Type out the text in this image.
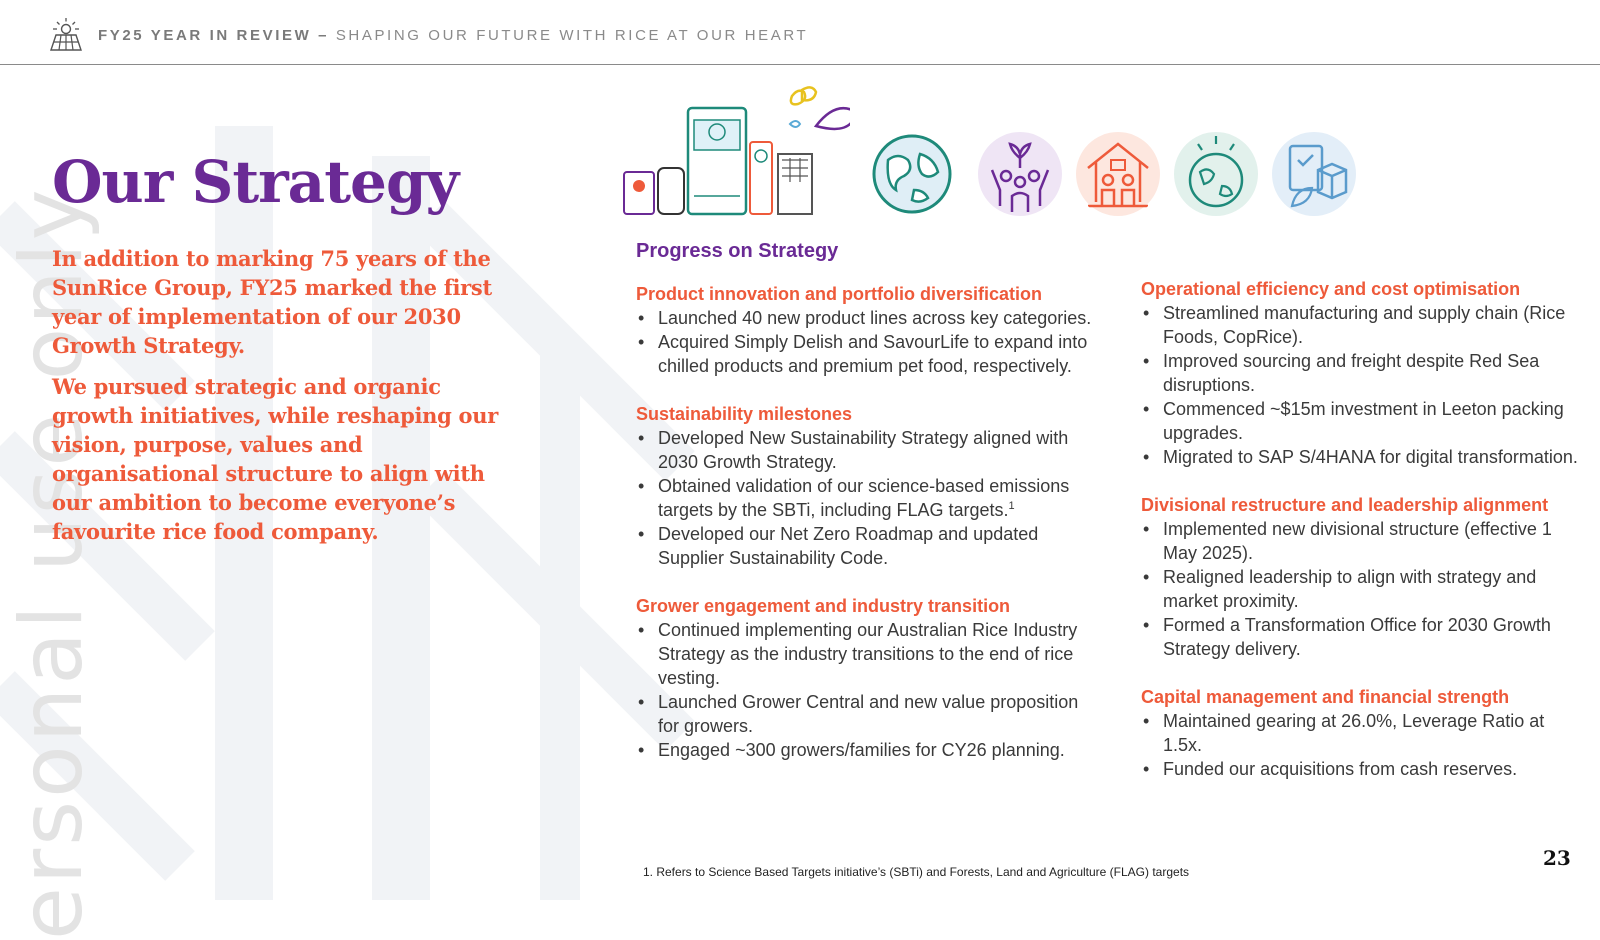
FY25 YEAR IN REVIEW – SHAPING OUR FUTURE WITH RICE AT OUR HEART
ersonal use only
Our Strategy

In addition to marking 75 years of the SunRice Group, FY25 marked the first year of implementation of our 2030 Growth Strategy.

We pursued strategic and organic growth initiatives, while reshaping our vision, purpose, values and organisational structure to align with our ambition to become everyone’s favourite rice food company.

Progress on Strategy
Product innovation and portfolio diversification
• Launched 40 new product lines across key categories.
• Acquired Simply Delish and SavourLife to expand into chilled products and premium pet food, respectively.
Sustainability milestones
• Developed New Sustainability Strategy aligned with 2030 Growth Strategy.
• Obtained validation of our science-based emissions targets by the SBTi, including FLAG targets.$^1$
• Developed our Net Zero Roadmap and updated Supplier Sustainability Code.
Grower engagement and industry transition
• Continued implementing our Australian Rice Industry Strategy as the industry transitions to the end of rice vesting.
• Launched Grower Central and new value proposition for growers.
• Engaged ~300 growers/families for CY26 planning.
Operational efficiency and cost optimisation
• Streamlined manufacturing and supply chain (Rice Foods, CopRice).
• Improved sourcing and freight despite Red Sea disruptions.
• Commenced ~$15m investment in Leeton packing upgrades.
• Migrated to SAP S/4HANA for digital transformation.
Divisional restructure and leadership alignment
• Implemented new divisional structure (effective 1 May 2025).
• Realigned leadership to align with strategy and market proximity.
• Formed a Transformation Office for 2030 Growth Strategy delivery.
Capital management and financial strength
• Maintained gearing at 26.0%, Leverage Ratio at 1.5x.
• Funded our acquisitions from cash reserves.
1. Refers to Science Based Targets initiative’s (SBTi) and Forests, Land and Agriculture (FLAG) targets
23
